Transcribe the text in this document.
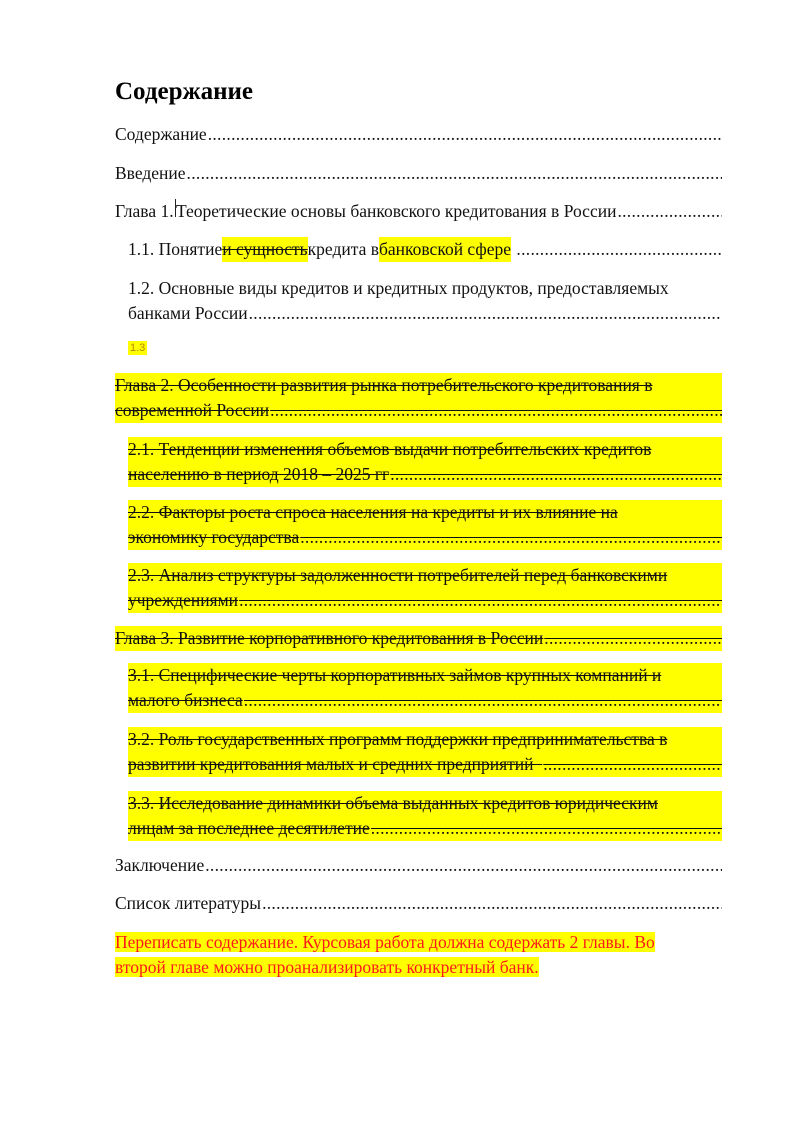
Содержание
Содержание
.....
Введение
.....
Глава 1. Теоретические основы банковского кредитования в России
.....
1.1. Понятие и сущность кредита в банковской сфере

.....
1.2. Основные виды кредитов и кредитных продуктов, предоставляемых
банками России
.....
1.3
Глава 2. Особенности развития рынка потребительского кредитования в
современной России
.....
2.1. Тенденции изменения объемов выдачи потребительских кредитов
населению в период 2018 – 2025 гг
.....
2.2. Факторы роста спроса населения на кредиты и их влияние на
экономику государства
.....
2.3. Анализ структуры задолженности потребителей перед банковскими
учреждениями
.....
Глава 3. Развитие корпоративного кредитования в России
.....
3.1. Специфические черты корпоративных займов крупных компаний и
малого бизнеса
.....
3.2. Роль государственных программ поддержки предпринимательства в
развитии кредитования малых и средних предприятий
.....
3.3. Исследование динамики объема выданных кредитов юридическим
лицам за последнее десятилетие
.....
Заключение
.....
Список литературы
.....
Переписать содержание. Курсовая работа должна содержать 2 главы. Во
второй главе можно проанализировать конкретный банк.
